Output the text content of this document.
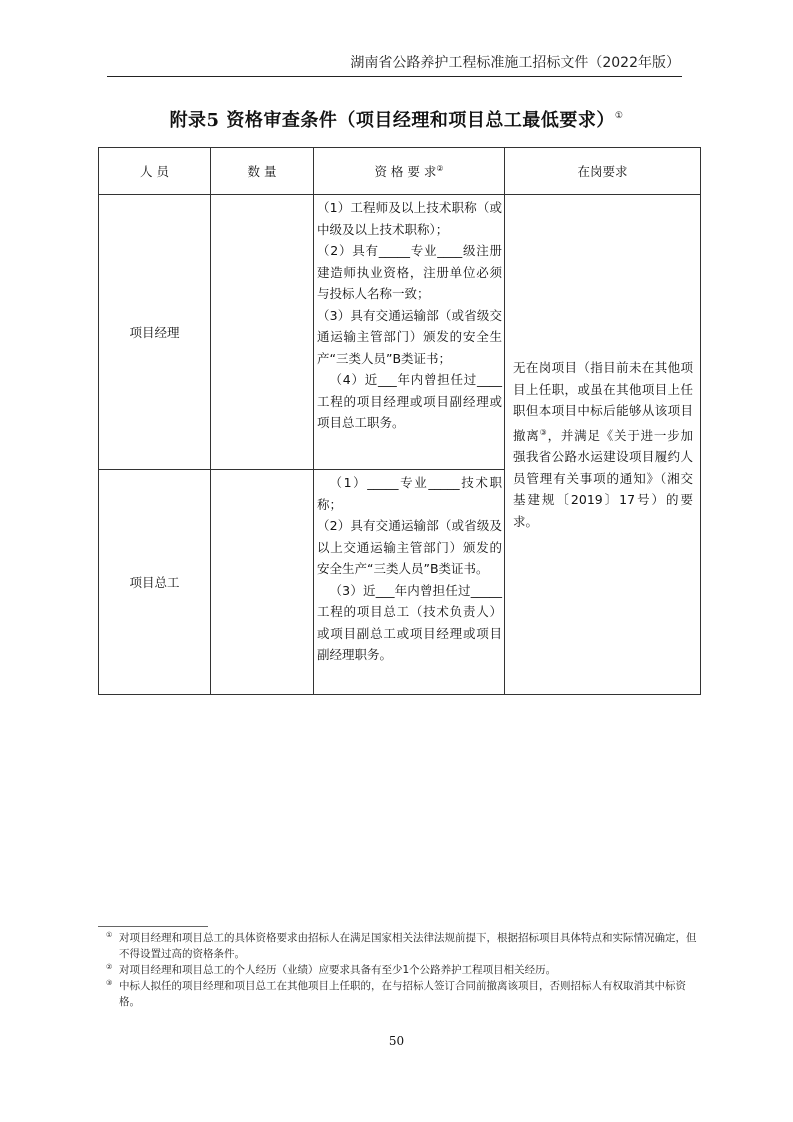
湖南省公路养护工程标准施工招标文件（2022年版）
附录5 资格审查条件（项目经理和项目总工最低要求）①
人 员	数 量	资 格 要 求②	在岗要求
项目经理		（1）工程师及以上技术职称（或中级及以上技术职称）；

（2）具有_____专业____级注册建造师执业资格，注册单位必须与投标人名称一致；

（3）具有交通运输部（或省级交通运输主管部门）颁发的安全生产“三类人员”B类证书；

（4）近___年内曾担任过____工程的项目经理或项目副经理或项目总工职务。	无在岗项目（指目前未在其他项目上任职，或虽在其他项目上任职但本项目中标后能够从该项目撤离③，并满足《关于进一步加强我省公路水运建设项目履约人员管理有关事项的通知》（湘交基建规〔2019〕17号）的要求。

项目总工		（1）_____专业_____技术职称；

（2）具有交通运输部（或省级及以上交通运输主管部门）颁发的安全生产“三类人员”B类证书。

（3）近___年内曾担任过_____工程的项目总工（技术负责人）或项目副总工或项目经理或项目副经理职务。	

① 对项目经理和项目总工的具体资格要求由招标人在满足国家相关法律法规前提下，根据招标项目具体特点和实际情况确定，但不得设置过高的资格条件。

② 对项目经理和项目总工的个人经历（业绩）应要求具备有至少1个公路养护工程项目相关经历。

③ 中标人拟任的项目经理和项目总工在其他项目上任职的，在与招标人签订合同前撤离该项目，否则招标人有权取消其中标资格。

50
